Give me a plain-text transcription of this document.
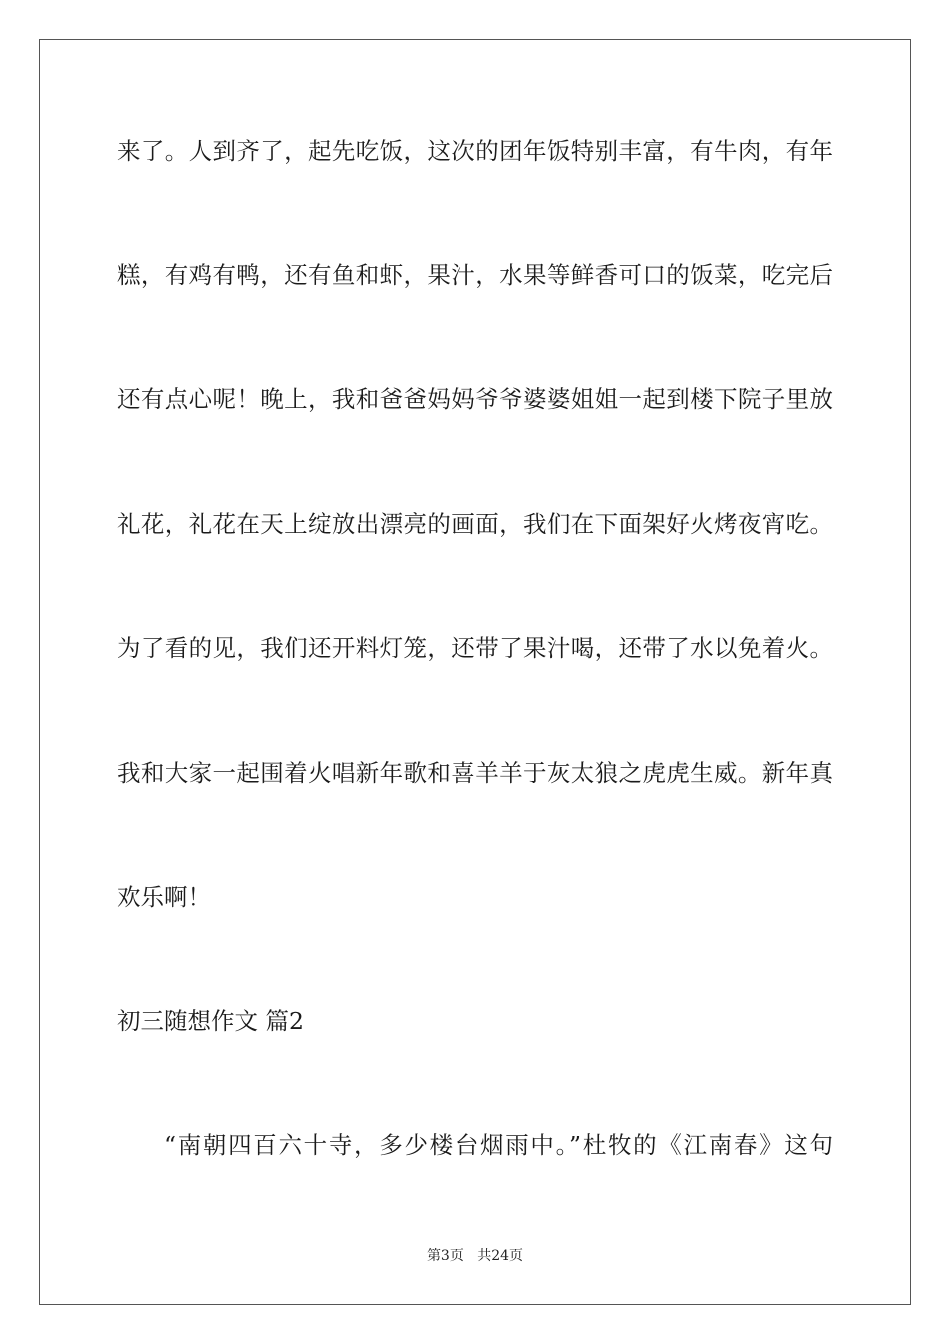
来了。人到齐了，起先吃饭，这次的团年饭特别丰富，有牛肉，有年
糕，有鸡有鸭，还有鱼和虾，果汁，水果等鲜香可口的饭菜，吃完后
还有点心呢！晚上，我和爸爸妈妈爷爷婆婆姐姐一起到楼下院子里放
礼花，礼花在天上绽放出漂亮的画面，我们在下面架好火烤夜宵吃。
为了看的见，我们还开料灯笼，还带了果汁喝，还带了水以免着火。
我和大家一起围着火唱新年歌和喜羊羊于灰太狼之虎虎生威。新年真
欢乐啊！
初三随想作文 篇2
“南朝四百六十寺，多少楼台烟雨中。”杜牧的《江南春》这句
第3页 共24页
